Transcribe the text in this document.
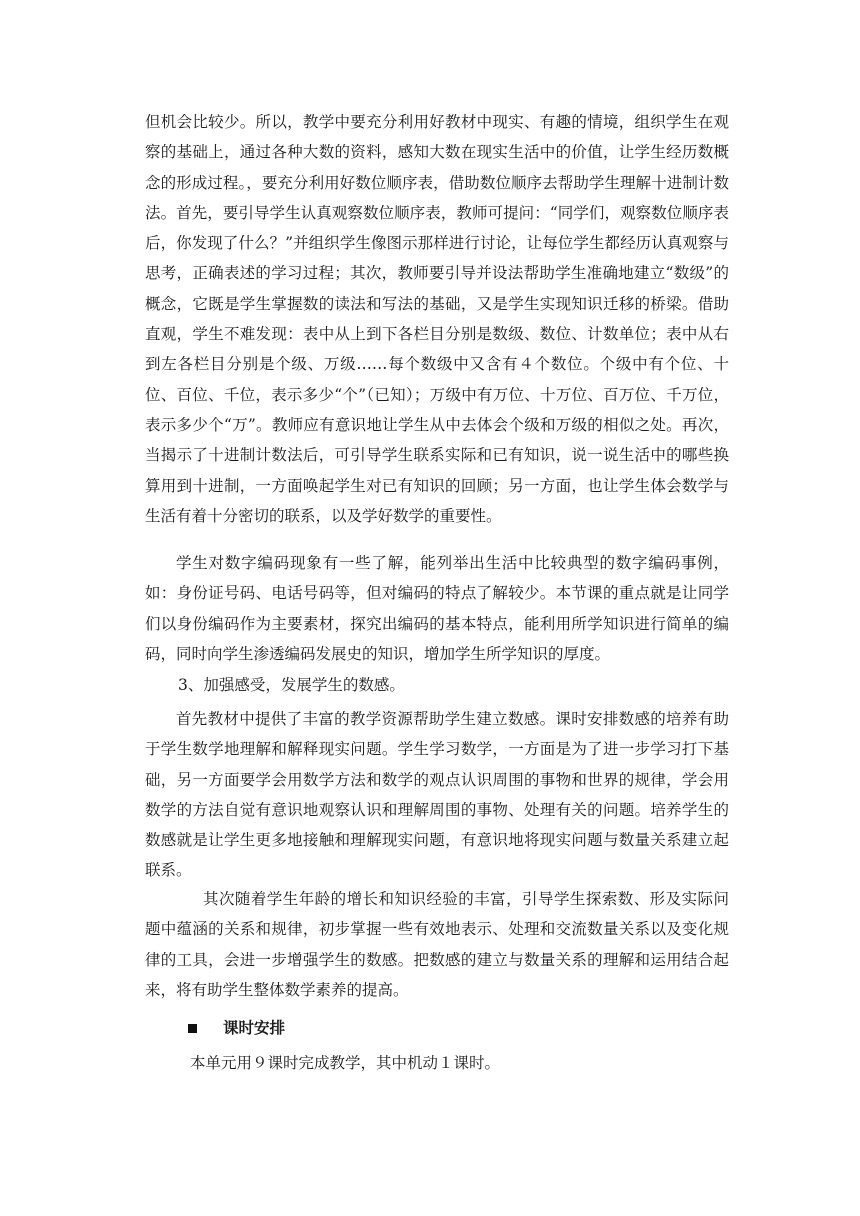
但机会比较少。所以，教学中要充分利用好教材中现实、有趣的情境，组织学生在观察的基础上，通过各种大数的资料，感知大数在现实生活中的价值，让学生经历数概念的形成过程。，要充分利用好数位顺序表，借助数位顺序去帮助学生理解十进制计数法。首先，要引导学生认真观察数位顺序表，教师可提问：“同学们，观察数位顺序表后，你发现了什么？”并组织学生像图示那样进行讨论，让每位学生都经历认真观察与思考，正确表述的学习过程；其次，教师要引导并设法帮助学生准确地建立“数级”的概念，它既是学生掌握数的读法和写法的基础，又是学生实现知识迁移的桥梁。借助直观，学生不难发现：表中从上到下各栏目分别是数级、数位、计数单位；表中从右到左各栏目分别是个级、万级……每个数级中又含有４个数位。个级中有个位、十位、百位、千位，表示多少“个”（已知）；万级中有万位、十万位、百万位、千万位，表示多少个“万”。教师应有意识地让学生从中去体会个级和万级的相似之处。再次，当揭示了十进制计数法后，可引导学生联系实际和已有知识，说一说生活中的哪些换算用到十进制，一方面唤起学生对已有知识的回顾；另一方面，也让学生体会数学与生活有着十分密切的联系，以及学好数学的重要性。

学生对数字编码现象有一些了解，能列举出生活中比较典型的数字编码事例，如：身份证号码、电话号码等，但对编码的特点了解较少。本节课的重点就是让同学们以身份编码作为主要素材，探究出编码的基本特点，能利用所学知识进行简单的编码，同时向学生渗透编码发展史的知识，增加学生所学知识的厚度。

3、加强感受，发展学生的数感。

首先教材中提供了丰富的教学资源帮助学生建立数感。课时安排数感的培养有助于学生数学地理解和解释现实问题。学生学习数学，一方面是为了进一步学习打下基础，另一方面要学会用数学方法和数学的观点认识周围的事物和世界的规律，学会用数学的方法自觉有意识地观察认识和理解周围的事物、处理有关的问题。培养学生的数感就是让学生更多地接触和理解现实问题，有意识地将现实问题与数量关系建立起联系。

其次随着学生年龄的增长和知识经验的丰富，引导学生探索数、形及实际问题中蕴涵的关系和规律，初步掌握一些有效地表示、处理和交流数量关系以及变化规律的工具，会进一步增强学生的数感。把数感的建立与数量关系的理解和运用结合起来，将有助学生整体数学素养的提高。

课时安排

本单元用９课时完成教学，其中机动１课时。
